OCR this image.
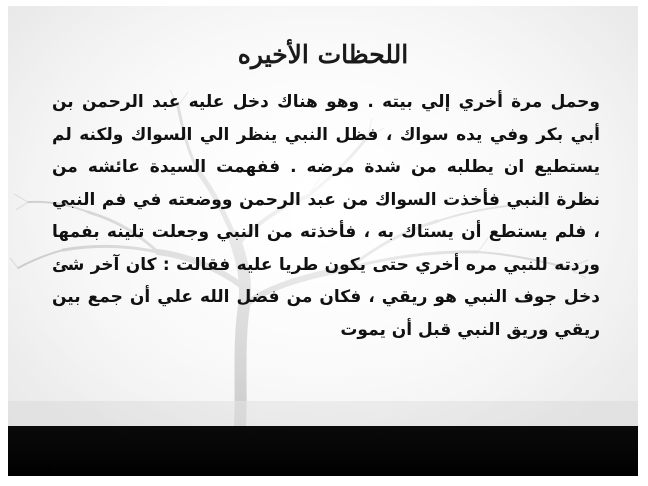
اللحظات الأخيره

وحمل مرة أخري إلي بيته . وهو هناك دخل عليه عبد الرحمن بن أبي بكر وفي يده سواك ، فظل النبي ينظر الي السواك ولكنه لم يستطيع ان يطلبه من شدة مرضه . ففهمت السيدة عائشه من نظرة النبي فأخذت السواك من عبد الرحمن ووضعته في فم النبي ، فلم يستطع أن يستاك به ، فأخذته من النبي وجعلت تلينه بفمها وردته للنبي مره أخري حتى يكون طريا عليه فقالت : كان آخر شئ دخل جوف النبي هو ريقي ، فكان من فضل الله علي أن جمع بين ريقي وريق النبي قبل أن يموت

thomala
